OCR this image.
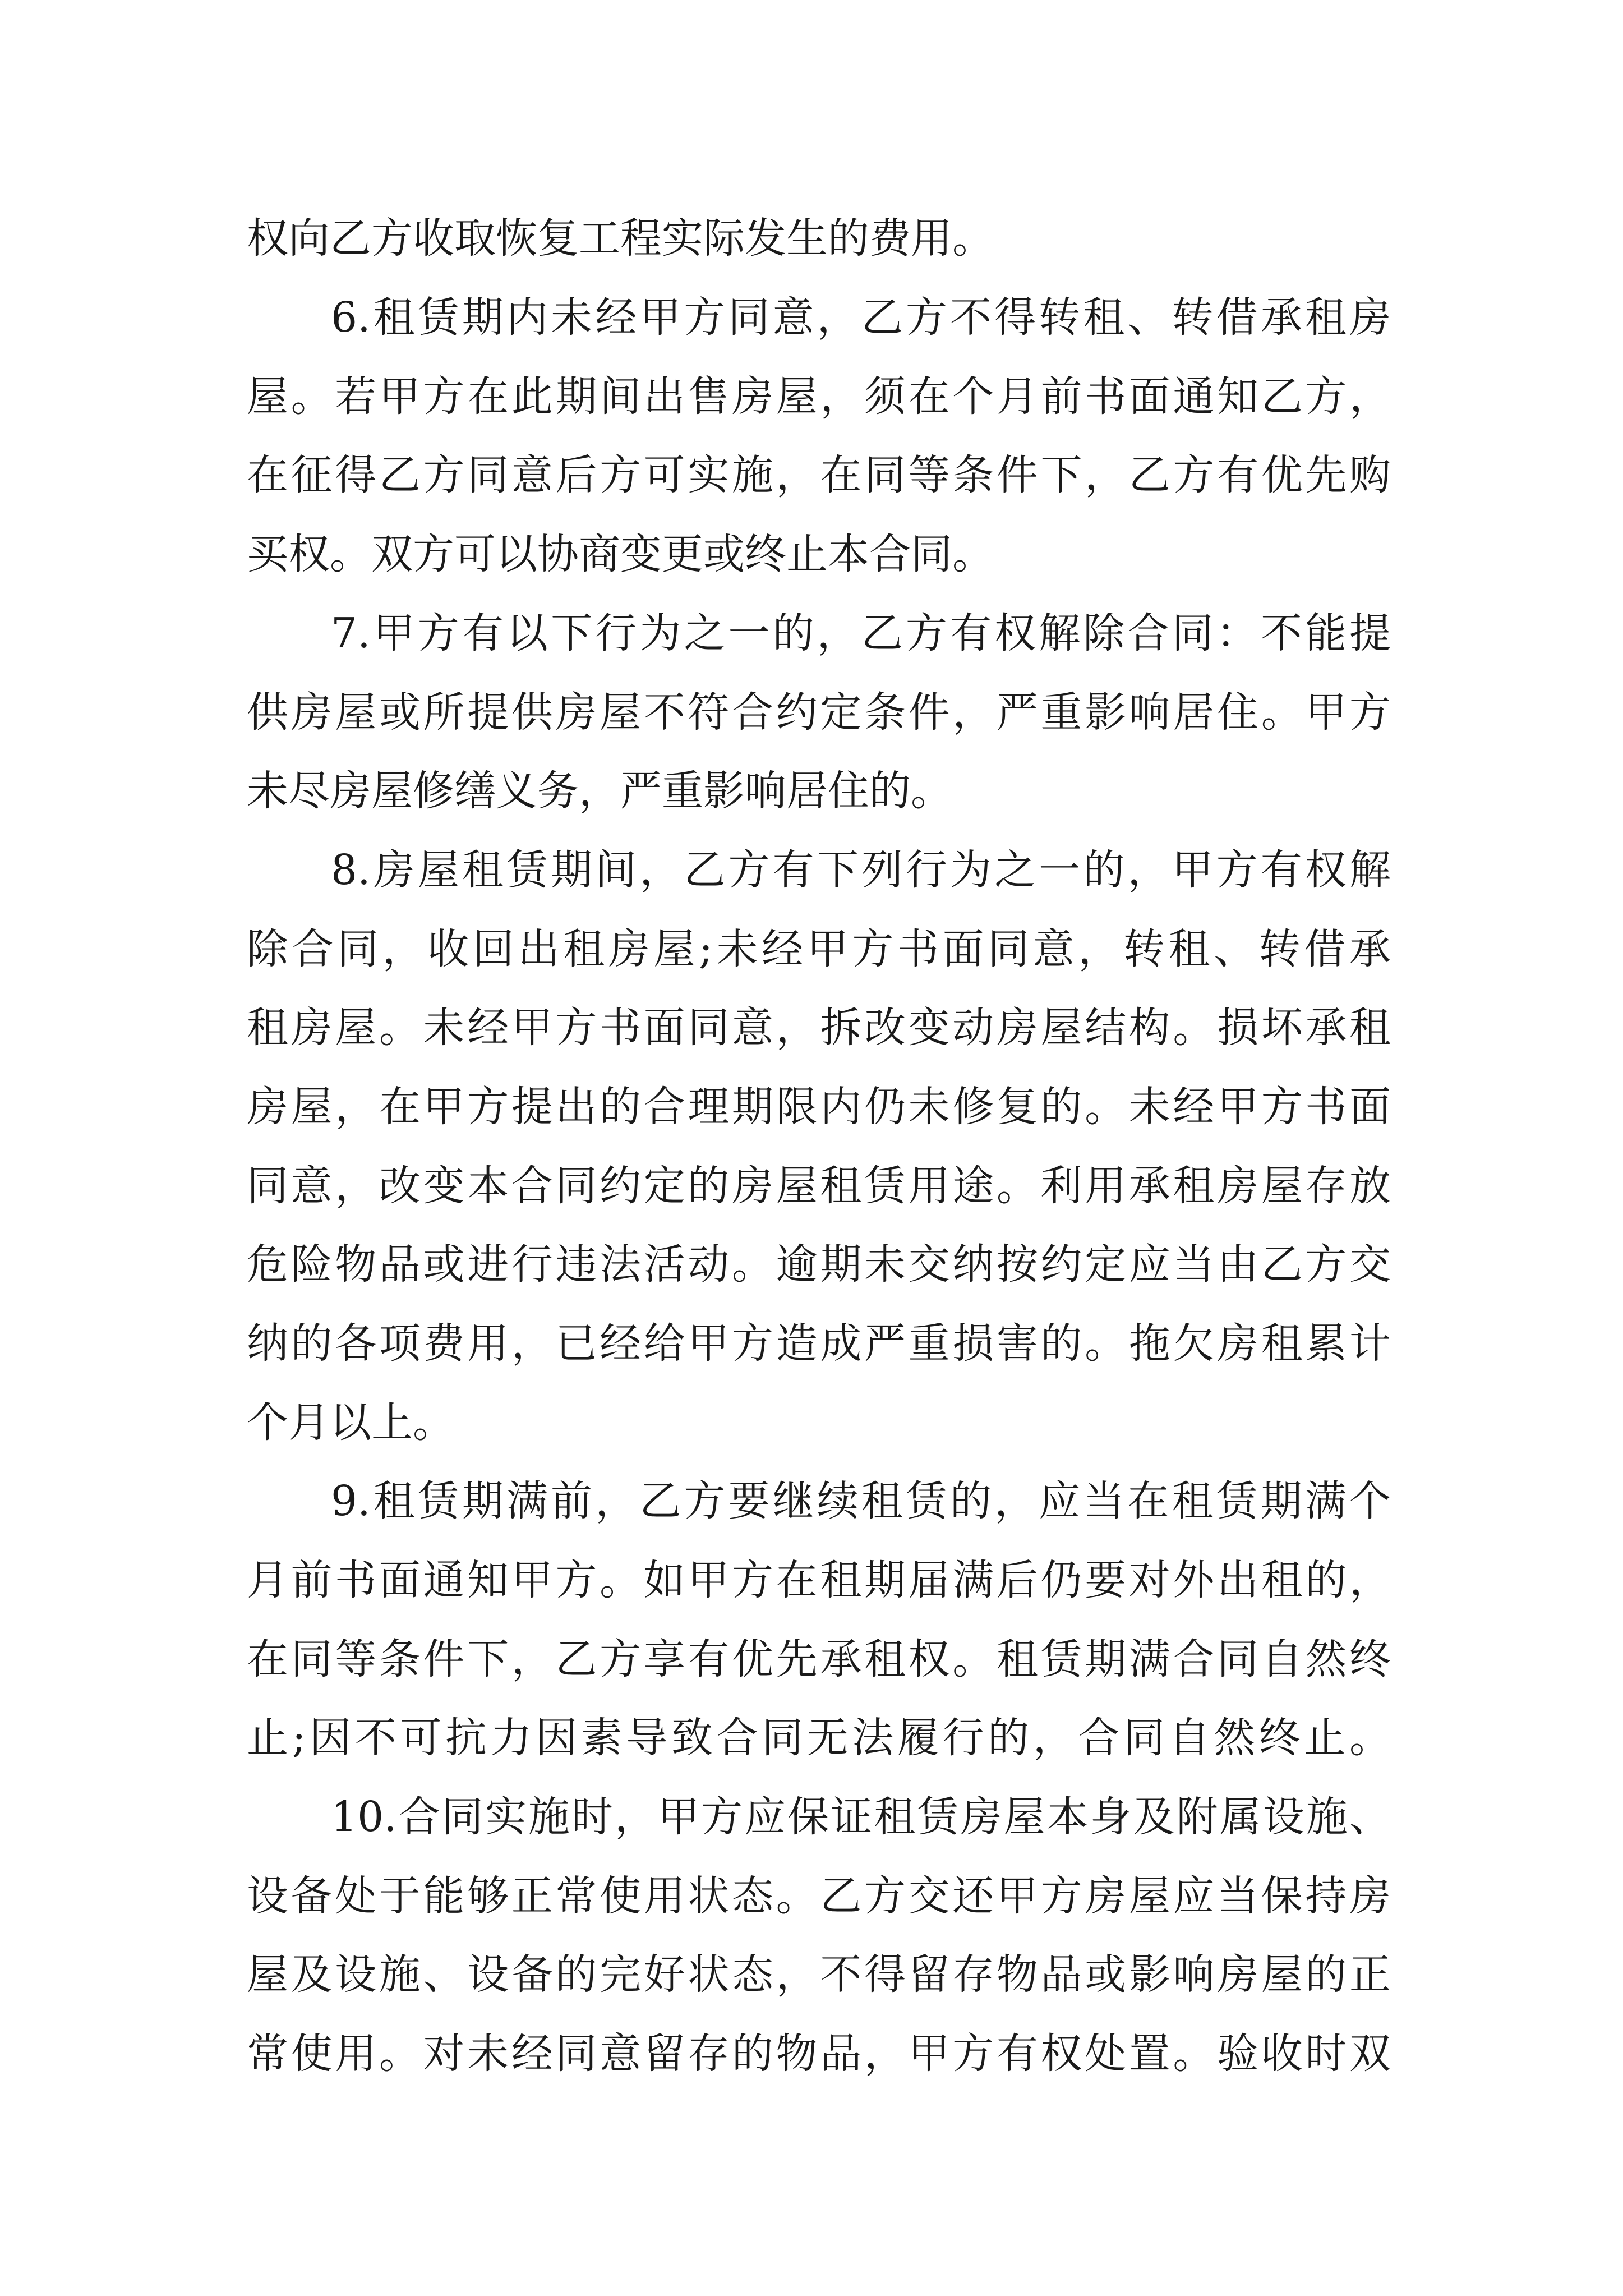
权向乙方收取恢复工程实际发生的费用。
6.租赁期内未经甲方同意，乙方不得转租、转借承租房
屋。若甲方在此期间出售房屋，须在个月前书面通知乙方，
在征得乙方同意后方可实施，在同等条件下，乙方有优先购
买权。双方可以协商变更或终止本合同。
7.甲方有以下行为之一的，乙方有权解除合同：不能提
供房屋或所提供房屋不符合约定条件，严重影响居住。甲方
未尽房屋修缮义务，严重影响居住的。
8.房屋租赁期间，乙方有下列行为之一的，甲方有权解
除合同，收回出租房屋;未经甲方书面同意，转租、转借承
租房屋。未经甲方书面同意，拆改变动房屋结构。损坏承租
房屋，在甲方提出的合理期限内仍未修复的。未经甲方书面
同意，改变本合同约定的房屋租赁用途。利用承租房屋存放
危险物品或进行违法活动。逾期未交纳按约定应当由乙方交
纳的各项费用，已经给甲方造成严重损害的。拖欠房租累计
个月以上。
9.租赁期满前，乙方要继续租赁的，应当在租赁期满个
月前书面通知甲方。如甲方在租期届满后仍要对外出租的，
在同等条件下，乙方享有优先承租权。租赁期满合同自然终
止;因不可抗力因素导致合同无法履行的，合同自然终止。
10.合同实施时，甲方应保证租赁房屋本身及附属设施、
设备处于能够正常使用状态。乙方交还甲方房屋应当保持房
屋及设施、设备的完好状态，不得留存物品或影响房屋的正
常使用。对未经同意留存的物品，甲方有权处置。验收时双
